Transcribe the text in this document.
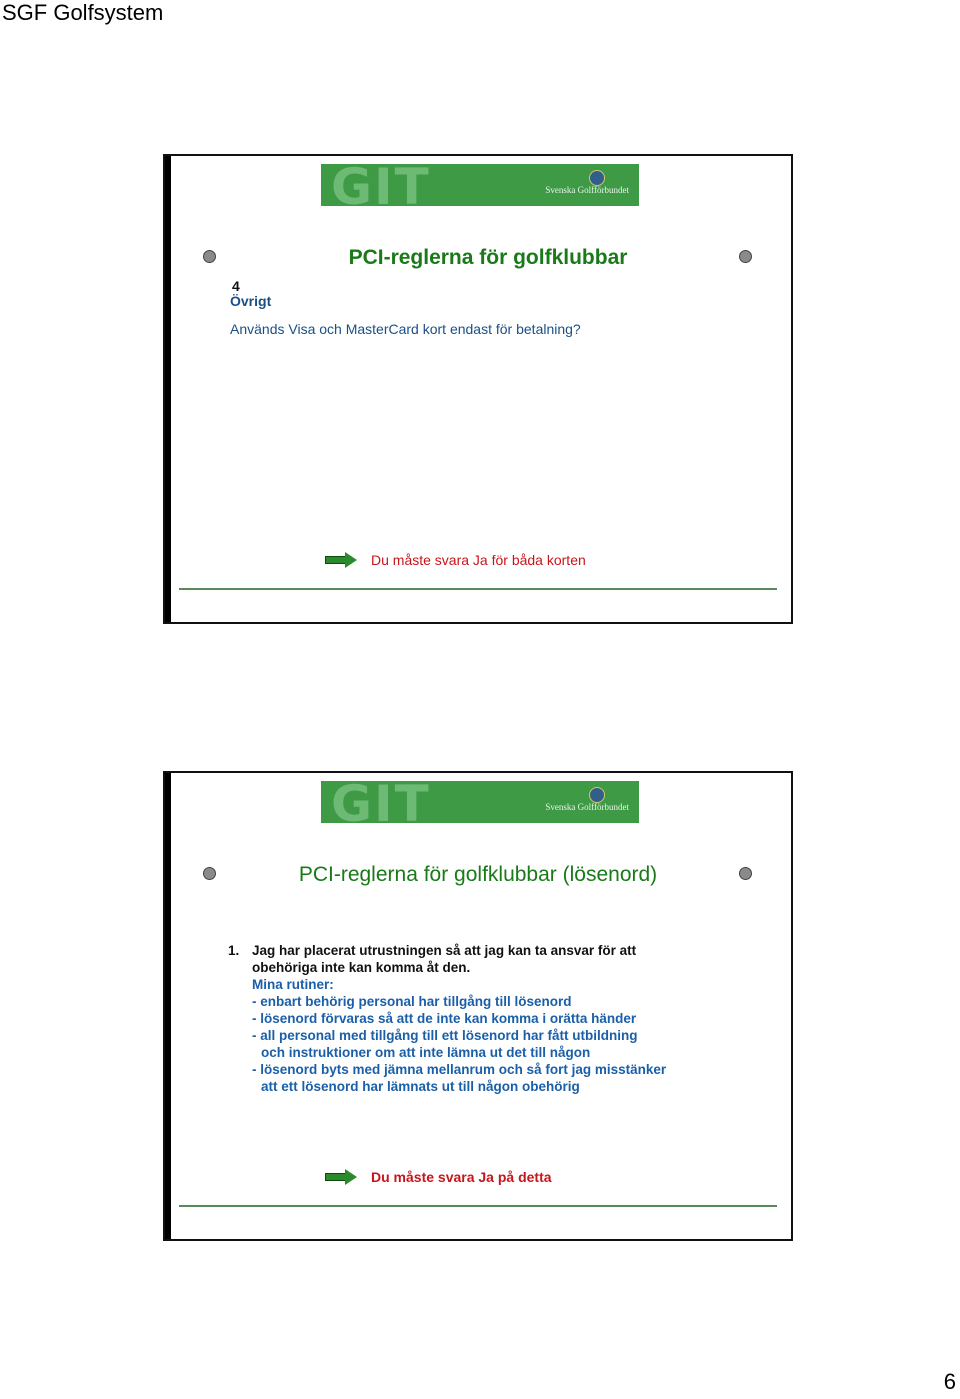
SGF Golfsystem
GIT	Svenska Golfförbundet
PCI-reglerna för golfklubbar
4
Övrigt
Används Visa och MasterCard kort endast för betalning?
Du måste svara Ja för båda korten
GIT	Svenska Golfförbundet
PCI-reglerna för golfklubbar (lösenord)
1. Jag har placerat utrustningen så att jag kan ta ansvar för att
obehöriga inte kan komma åt den.
Mina rutiner:
- enbart behörig personal har tillgång till lösenord
- lösenord förvaras så att de inte kan komma i orätta händer
- all personal med tillgång till ett lösenord har fått utbildning
och instruktioner om att inte lämna ut det till någon
- lösenord byts med jämna mellanrum och så fort jag misstänker
att ett lösenord har lämnats ut till någon obehörig
Du måste svara Ja på detta
6
